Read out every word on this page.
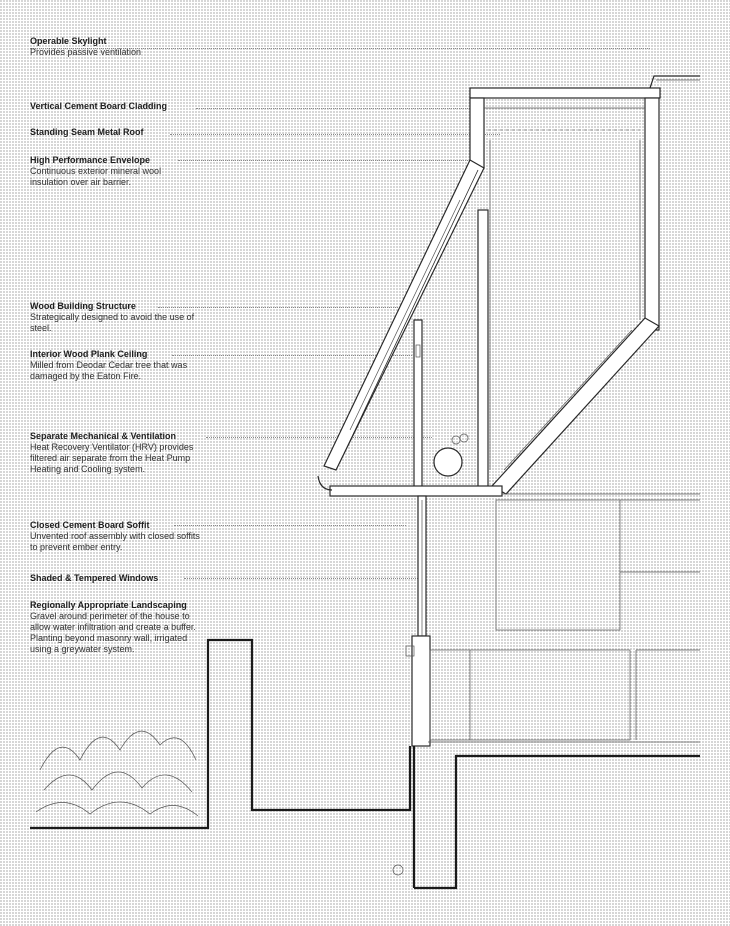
Operable Skylight
Provides passive ventilation
Vertical Cement Board Cladding
Standing Seam Metal Roof
High Performance Envelope
Continuous exterior mineral wool insulation over air barrier.
Wood Building Structure
Strategically designed to avoid the use of steel.
Interior Wood Plank Ceiling
Milled from Deodar Cedar tree that was damaged by the Eaton Fire.
Separate Mechanical & Ventilation
Heat Recovery Ventilator (HRV) provides filtered air separate from the Heat Pump Heating and Cooling system.
Closed Cement Board Soffit
Unvented roof assembly with closed soffits to prevent ember entry.
Shaded & Tempered Windows
Regionally Appropriate Landscaping
Gravel around perimeter of the house to allow water infiltration and create a buffer. Planting beyond masonry wall, irrigated using a greywater system.
